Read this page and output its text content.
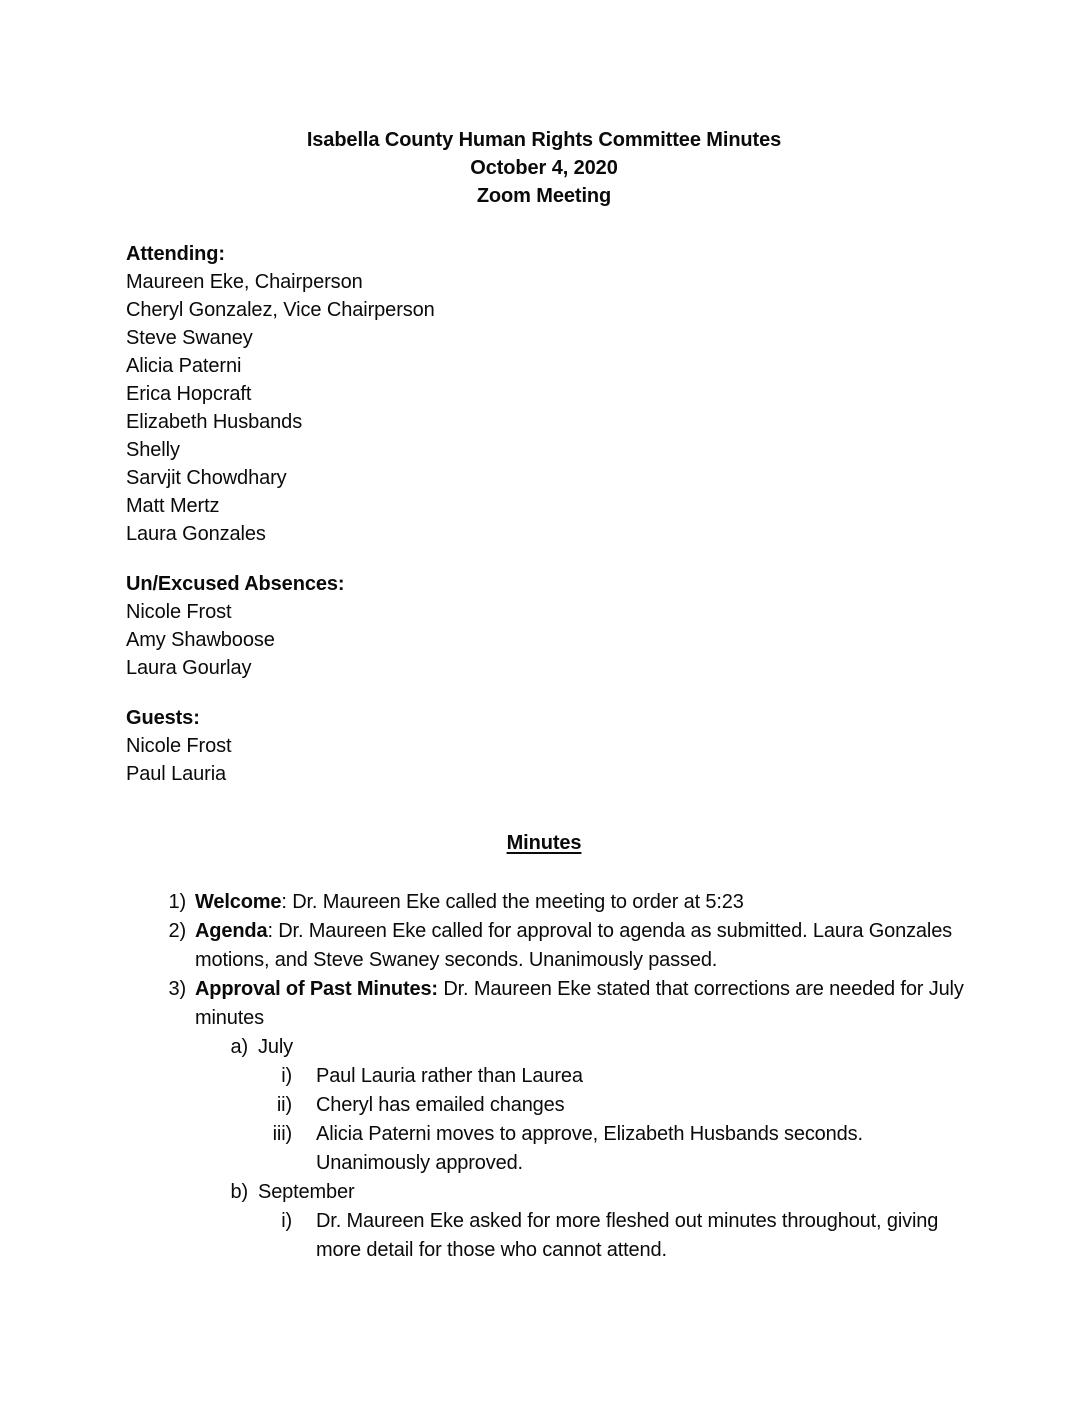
Isabella County Human Rights Committee Minutes
October 4, 2020
Zoom Meeting
Attending:
Maureen Eke, Chairperson
Cheryl Gonzalez, Vice Chairperson
Steve Swaney
Alicia Paterni
Erica Hopcraft
Elizabeth Husbands
Shelly
Sarvjit Chowdhary
Matt Mertz
Laura Gonzales
Un/Excused Absences:
Nicole Frost
Amy Shawboose
Laura Gourlay
Guests:
Nicole Frost
Paul Lauria
Minutes
1) Welcome: Dr. Maureen Eke called the meeting to order at 5:23
2) Agenda: Dr. Maureen Eke called for approval to agenda as submitted. Laura Gonzales motions, and Steve Swaney seconds. Unanimously passed.
3) Approval of Past Minutes: Dr. Maureen Eke stated that corrections are needed for July minutes
a) July
i) Paul Lauria rather than Laurea
ii) Cheryl has emailed changes
iii) Alicia Paterni moves to approve, Elizabeth Husbands seconds. Unanimously approved.
b) September
i) Dr. Maureen Eke asked for more fleshed out minutes throughout, giving more detail for those who cannot attend.
